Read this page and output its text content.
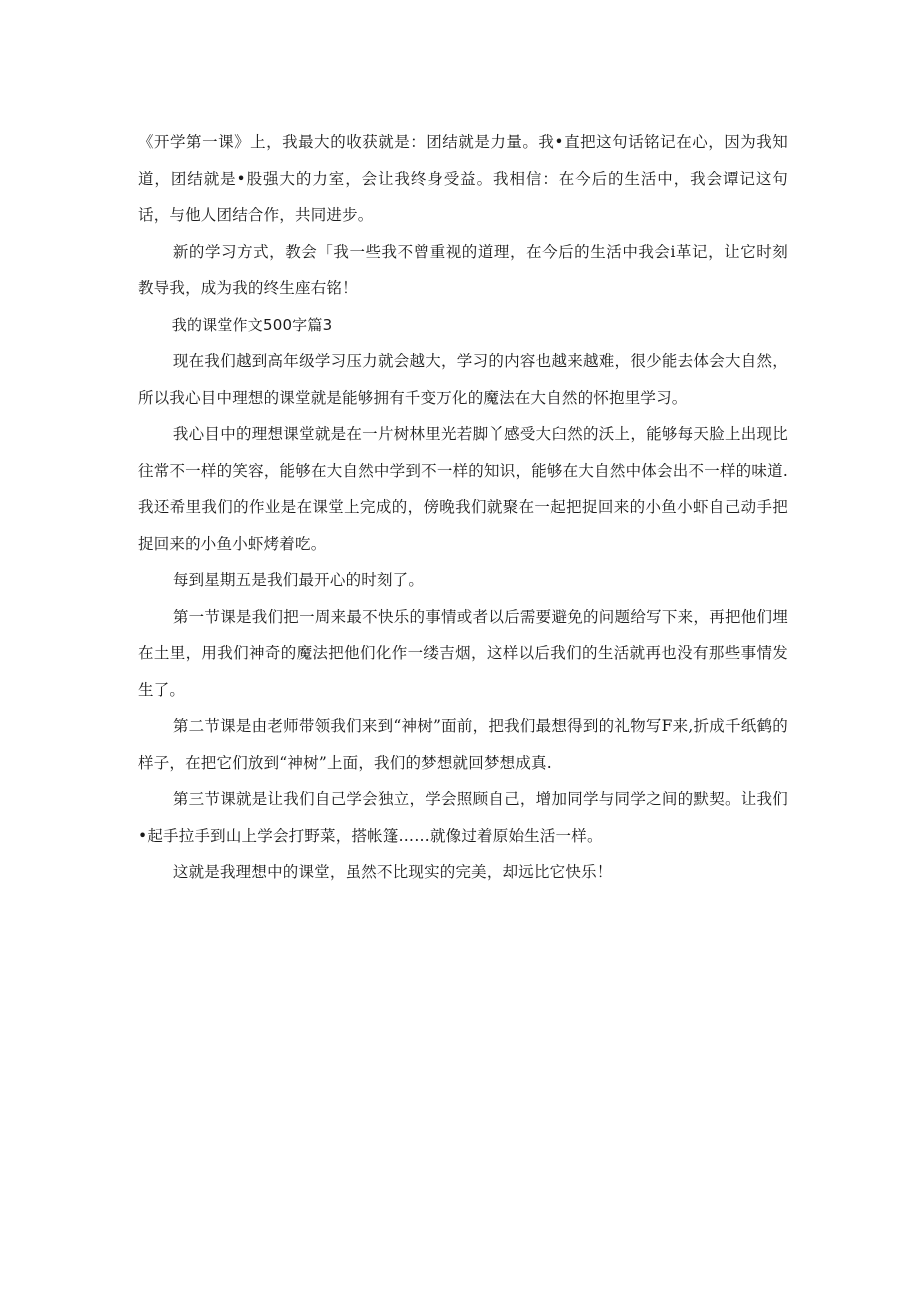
《开学第一课》上，我最大的收获就是：团结就是力量。我•直把这句话铭记在心，因为我知道，团结就是•股强大的力室，会让我终身受益。我相信：在今后的生活中，我会谭记这句话，与他人团结合作，共同进步。

新的学习方式，教会「我一些我不曾重视的道理，在今后的生活中我会i革记，让它时刻教导我，成为我的终生座右铭！

我的课堂作文500字篇3

现在我们越到高年级学习压力就会越大，学习的内容也越来越难，很少能去体会大自然，所以我心目中理想的课堂就是能够拥有千变万化的魔法在大自然的怀抱里学习。

我心目中的理想课堂就是在一片树林里光若脚丫感受大臼然的沃上，能够每天脸上出现比往常不一样的笑容，能够在大自然中学到不一样的知识，能够在大自然中体会出不一样的味道.我还希里我们的作业是在课堂上完成的，傍晚我们就聚在一起把捉回来的小鱼小虾自己动手把捉回来的小鱼小虾烤着吃。

每到星期五是我们最开心的时刻了。

第一节课是我们把一周来最不快乐的事情或者以后需要避免的问题给写下来，再把他们埋在土里，用我们神奇的魔法把他们化作一缕吉烟，这样以后我们的生活就再也没有那些事情发生了。

第二节课是由老师带领我们来到“神树”面前，把我们最想得到的礼物写F来,折成千纸鹤的样子，在把它们放到“神树”上面，我们的梦想就回梦想成真.

第三节课就是让我们自己学会独立，学会照顾自己，增加同学与同学之间的默契。让我们•起手拉手到山上学会打野菜，搭帐篷……就像过着原始生活一样。

这就是我理想中的课堂，虽然不比现实的完美，却远比它快乐！
